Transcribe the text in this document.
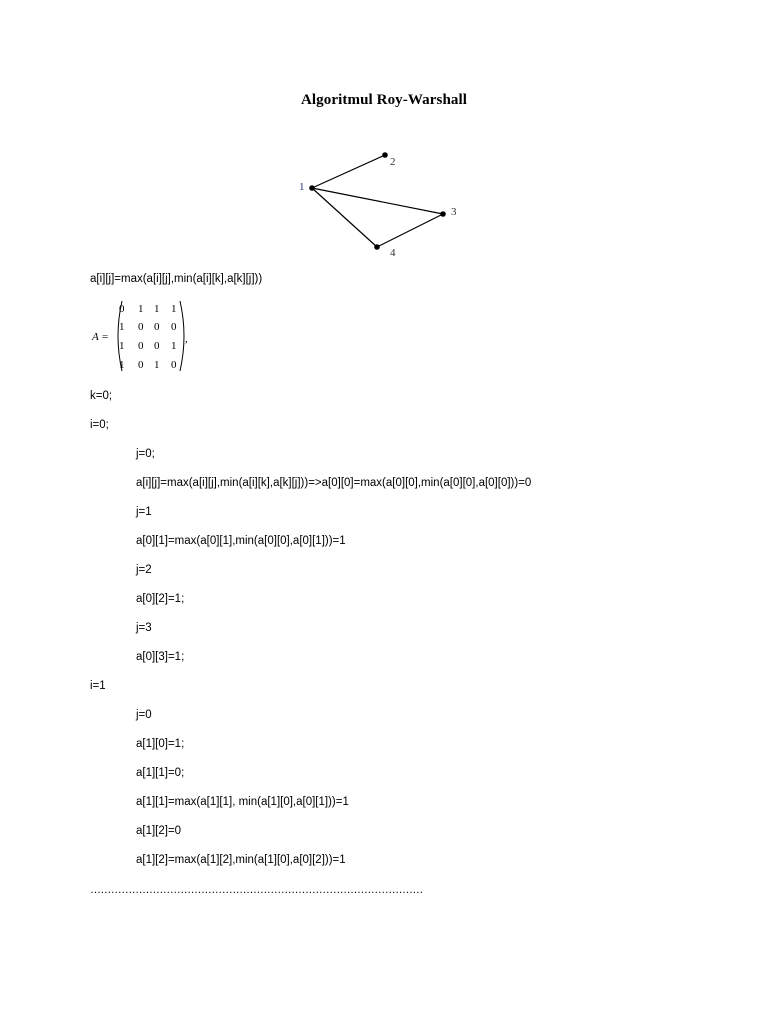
Algoritmul Roy-Warshall
1
2
3
4
a[i][j]=max(a[i][j],min(a[i][k],a[k][j]))
A =
0 1 1 1
1 0 0 0
1 0 0 1
1 0 1 0
,
k=0;
i=0;
j=0;
a[i][j]=max(a[i][j],min(a[i][k],a[k][j]))=>a[0][0]=max(a[0][0],min(a[0][0],a[0][0]))=0
j=1
a[0][1]=max(a[0][1],min(a[0][0],a[0][1]))=1
j=2
a[0][2]=1;
j=3
a[0][3]=1;
i=1
j=0
a[1][0]=1;
a[1][1]=0;
a[1][1]=max(a[1][1], min(a[1][0],a[0][1]))=1
a[1][2]=0
a[1][2]=max(a[1][2],min(a[1][0],a[0][2]))=1
……………………………………………………………………………………
